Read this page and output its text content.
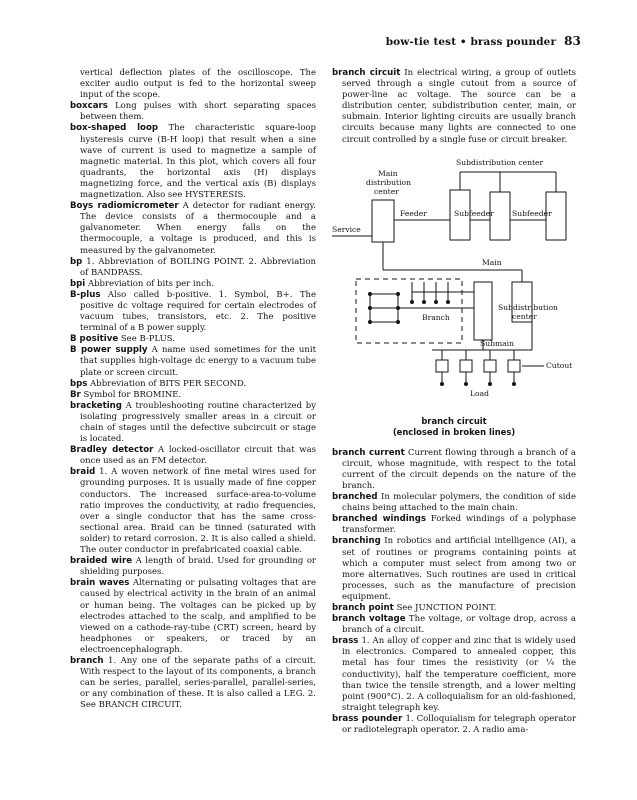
bow-tie test • brass pounder 83

vertical deflection plates of the oscilloscope. The exciter audio output is fed to the horizontal sweep input of the scope.

boxcars Long pulses with short separating spaces between them.

box-shaped loop The characteristic square-loop hysteresis curve (B-H loop) that result when a sine wave of current is used to magnetize a sample of magnetic material. In this plot, which covers all four quadrants, the horizontal axis (H) displays magnetizing force, and the vertical axis (B) displays magnetization. Also see HYSTERESIS.

Boys radiomicrometer A detector for radiant energy. The device consists of a thermocouple and a galvanometer. When energy falls on the thermocouple, a voltage is produced, and this is measured by the galvanometer.

bp 1. Abbreviation of BOILING POINT. 2. Abbreviation of BANDPASS.

bpi Abbreviation of bits per inch.

B-plus Also called b-positive. 1. Symbol, B+. The positive dc voltage required for certain electrodes of vacuum tubes, transistors, etc. 2. The positive terminal of a B power supply.

B positive See B-PLUS.

B power supply A name used sometimes for the unit that supplies high-voltage dc energy to a vacuum tube plate or screen circuit.

bps Abbreviation of BITS PER SECOND.

Br Symbol for BROMINE.

bracketing A troubleshooting routine characterized by isolating progressively smaller areas in a circuit or chain of stages until the defective subcircuit or stage is located.

Bradley detector A locked-oscillator circuit that was once used as an FM detector.

braid 1. A woven network of fine metal wires used for grounding purposes. It is usually made of fine copper conductors. The increased surface-area-to-volume ratio improves the conductivity, at radio frequencies, over a single conductor that has the same cross-sectional area. Braid can be tinned (saturated with solder) to retard corrosion. 2. It is also called a shield. The outer conductor in prefabricated coaxial cable.

braided wire A length of braid. Used for grounding or shielding purposes.

brain waves Alternating or pulsating voltages that are caused by electrical activity in the brain of an animal or human being. The voltages can be picked up by electrodes attached to the scalp, and amplified to be viewed on a cathode-ray-tube (CRT) screen, heard by headphones or speakers, or traced by an electroencephalograph.

branch 1. Any one of the separate paths of a circuit. With respect to the layout of its components, a branch can be series, parallel, series-parallel, parallel-series, or any combination of these. It is also called a LEG. 2. See BRANCH CIRCUIT.

branch circuit In electrical wiring, a group of outlets served through a single cutout from a source of power-line ac voltage. The source can be a distribution center, subdistribution center, main, or submain. Interior lighting circuits are usually branch circuits because many lights are connected to one circuit controlled by a single fuse or circuit breaker.

Subdistribution center
Main
distribution
center
Feeder	Subfeeder Subfeeder
Service
Main
Branch
Subdistribution
center
Submain
Cutout
Load
branch circuit
(enclosed in broken lines)

branch current Current flowing through a branch of a circuit, whose magnitude, with respect to the total current of the circuit depends on the nature of the branch.

branched In molecular polymers, the condition of side chains being attached to the main chain.

branched windings Forked windings of a polyphase transformer.

branching In robotics and artificial intelligence (AI), a set of routines or programs containing points at which a computer must select from among two or more alternatives. Such routines are used in critical processes, such as the manufacture of precision equipment.

branch point See JUNCTION POINT.

branch voltage The voltage, or voltage drop, across a branch of a circuit.

brass 1. An alloy of copper and zinc that is widely used in electronics. Compared to annealed copper, this metal has four times the resistivity (or ¼ the conductivity), half the temperature coefficient, more than twice the tensile strength, and a lower melting point (900°C). 2. A colloquialism for an old-fashioned, straight telegraph key.

brass pounder 1. Colloquialism for telegraph operator or radiotelegraph operator. 2. A radio ama-
